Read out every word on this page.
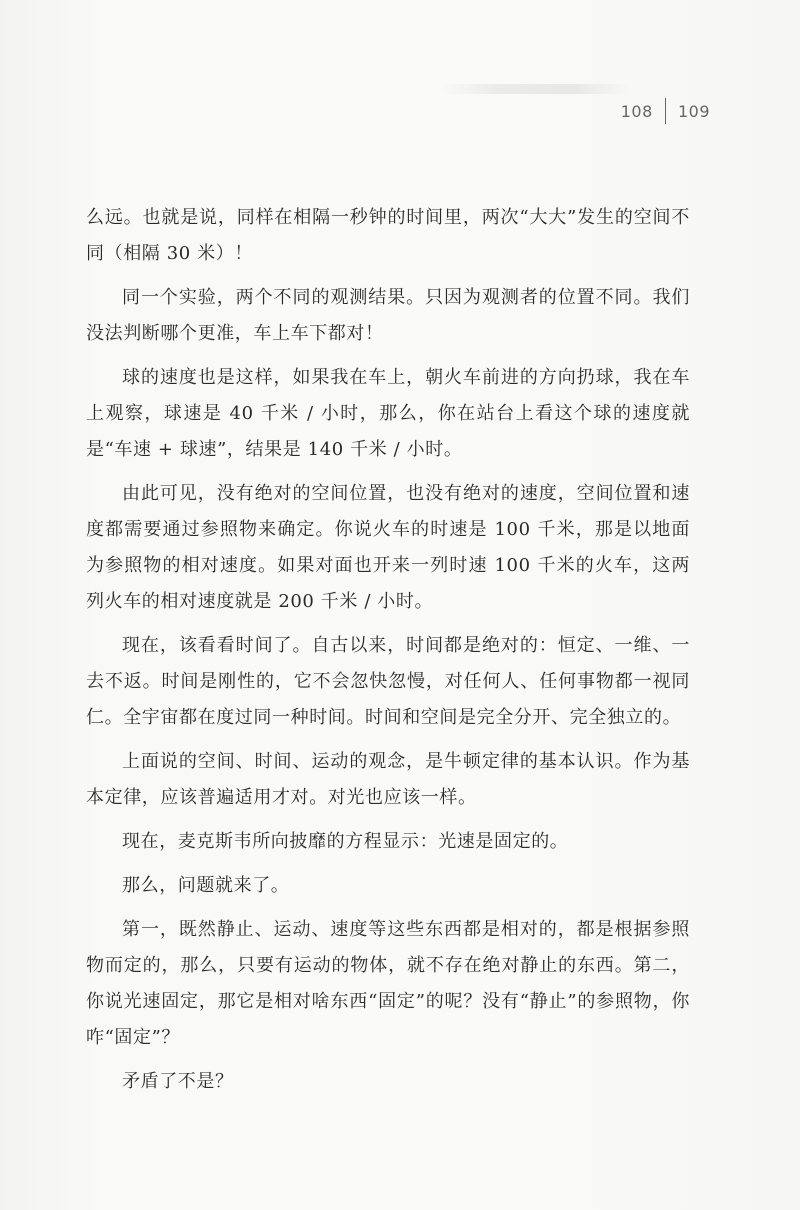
108 109

么远。也就是说，同样在相隔一秒钟的时间里，两次“大大”发生的空间不同（相隔 30 米）！

同一个实验，两个不同的观测结果。只因为观测者的位置不同。我们没法判断哪个更准，车上车下都对！

球的速度也是这样，如果我在车上，朝火车前进的方向扔球，我在车上观察，球速是 40 千米 / 小时，那么，你在站台上看这个球的速度就是“车速 + 球速”，结果是 140 千米 / 小时。

由此可见，没有绝对的空间位置，也没有绝对的速度，空间位置和速度都需要通过参照物来确定。你说火车的时速是 100 千米，那是以地面为参照物的相对速度。如果对面也开来一列时速 100 千米的火车，这两列火车的相对速度就是 200 千米 / 小时。

现在，该看看时间了。自古以来，时间都是绝对的：恒定、一维、一去不返。时间是刚性的，它不会忽快忽慢，对任何人、任何事物都一视同仁。全宇宙都在度过同一种时间。时间和空间是完全分开、完全独立的。

上面说的空间、时间、运动的观念，是牛顿定律的基本认识。作为基本定律，应该普遍适用才对。对光也应该一样。

现在，麦克斯韦所向披靡的方程显示：光速是固定的。

那么，问题就来了。

第一，既然静止、运动、速度等这些东西都是相对的，都是根据参照物而定的，那么，只要有运动的物体，就不存在绝对静止的东西。第二，你说光速固定，那它是相对啥东西“固定”的呢？没有“静止”的参照物，你咋“固定”？

矛盾了不是？
